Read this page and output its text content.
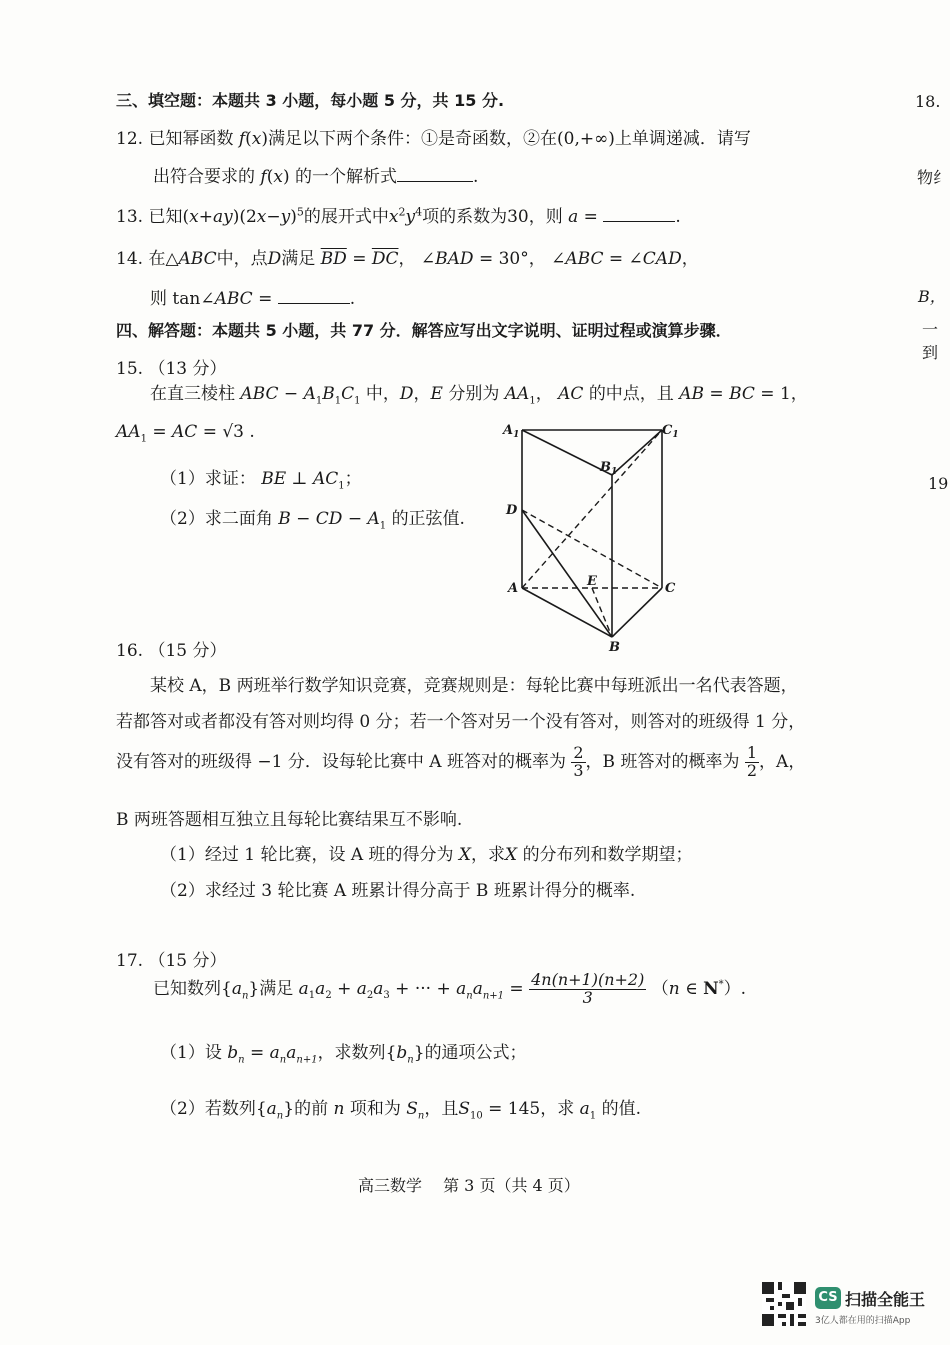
三、填空题：本题共 3 小题，每小题 5 分，共 15 分.
12. 已知幂函数 f(x)满足以下两个条件：①是奇函数，②在(0,+∞)上单调递减．请写
出符合要求的 f(x) 的一个解析式	.
13. 已知$(x+ay)(2x-y)^5$的展开式中$x^2y^4$项的系数为30，则 a =	.
14. 在△ABC中，点D满足 $\overline{BD} = \overline{DC}$， ∠BAD = 30°， ∠ABC = ∠CAD，
则 tan∠ABC =	.
四、解答题：本题共 5 小题，共 77 分．解答应写出文字说明、证明过程或演算步骤．
15. （13 分）
在直三棱柱 ABC − $A_1B_1C_1$ 中，D，E 分别为 $AA_1$， AC 的中点，且 AB = BC = 1，
$AA_1$ = AC = √3 .
（1）求证： BE ⊥ $AC_1$；
（2）求二面角 B − CD − $A_1$ 的正弦值.
$A_1$	$C_1$
$B_1$
D
E
A	C
B
16. （15 分）
某校 A，B 两班举行数学知识竞赛，竞赛规则是：每轮比赛中每班派出一名代表答题，
若都答对或者都没有答对则均得 0 分；若一个答对另一个没有答对，则答对的班级得 1 分，
没有答对的班级得 −1 分．设每轮比赛中 A 班答对的概率为 $\frac{2}{3}$ ，B 班答对的概率为 $\frac{1}{2}$ ，A，
B 两班答题相互独立且每轮比赛结果互不影响.
（1）经过 1 轮比赛，设 A 班的得分为 X，求X 的分布列和数学期望；
（2）求经过 3 轮比赛 A 班累计得分高于 B 班累计得分的概率.
17. （15 分）
已知数列$\{a_n\}$满足 $a_1a_2 + a_2a_3$ + ··· + $a_na_{n+1} = \frac{4n(n+1)(n+2)}{3} (n$ ∈ N*）.
（1）设 $b_n = a_na_{n+1}$，求数列$\{b_n\}$的通项公式；
（2）若数列$\{a_n\}$的前 n 项和为 $S_n$，且$S_{10} = 145$，求 $a_1$ 的值.
高三数学　 第 3 页（共 4 页）
18.
物纟
B，
一到
19
CS 扫描全能王
3亿人都在用的扫描App
